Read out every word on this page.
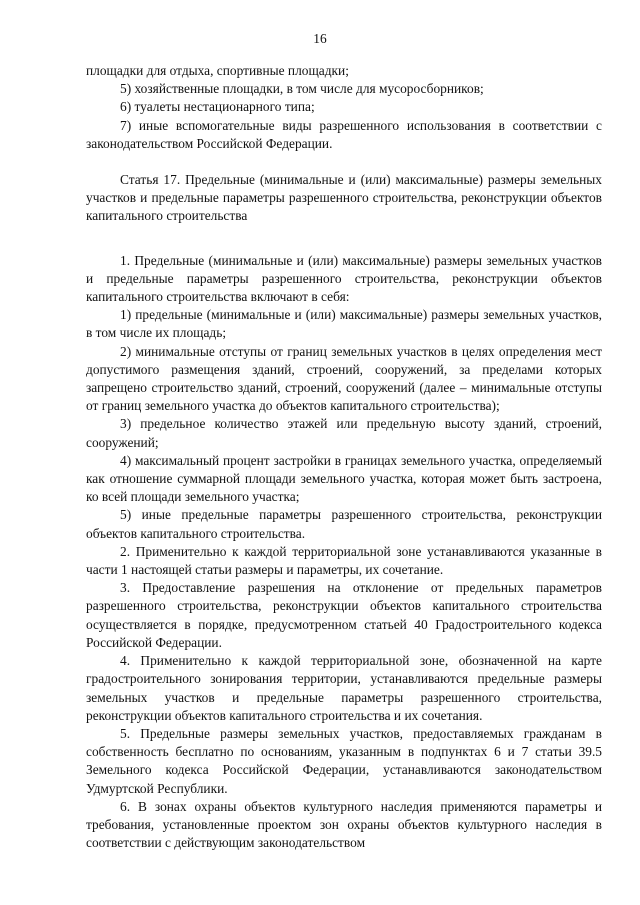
16

площадки для отдыха, спортивные площадки;

5) хозяйственные площадки, в том числе для мусоросборников;

6) туалеты нестационарного типа;

7) иные вспомогательные виды разрешенного использования в соответствии с законодательством Российской Федерации.

Статья 17. Предельные (минимальные и (или) максимальные) размеры земельных участков и предельные параметры разрешенного строительства, реконструкции объектов капитального строительства

1. Предельные (минимальные и (или) максимальные) размеры земельных участков и предельные параметры разрешенного строительства, реконструкции объектов капитального строительства включают в себя:

1) предельные (минимальные и (или) максимальные) размеры земельных участков, в том числе их площадь;

2) минимальные отступы от границ земельных участков в целях определения мест допустимого размещения зданий, строений, сооружений, за пределами которых запрещено строительство зданий, строений, сооружений (далее – минимальные отступы от границ земельного участка до объектов капитального строительства);

3) предельное количество этажей или предельную высоту зданий, строений, сооружений;

4) максимальный процент застройки в границах земельного участка, определяемый как отношение суммарной площади земельного участка, которая может быть застроена, ко всей площади земельного участка;

5) иные предельные параметры разрешенного строительства, реконструкции объектов капитального строительства.

2. Применительно к каждой территориальной зоне устанавливаются указанные в части 1 настоящей статьи размеры и параметры, их сочетание.

3. Предоставление разрешения на отклонение от предельных параметров разрешенного строительства, реконструкции объектов капитального строительства осуществляется в порядке, предусмотренном статьей 40 Градостроительного кодекса Российской Федерации.

4. Применительно к каждой территориальной зоне, обозначенной на карте градостроительного зонирования территории, устанавливаются предельные размеры земельных участков и предельные параметры разрешенного строительства, реконструкции объектов капитального строительства и их сочетания.

5. Предельные размеры земельных участков, предоставляемых гражданам в собственность бесплатно по основаниям, указанным в подпунктах 6 и 7 статьи 39.5 Земельного кодекса Российской Федерации, устанавливаются законодательством Удмуртской Республики.

6. В зонах охраны объектов культурного наследия применяются параметры и требования, установленные проектом зон охраны объектов культурного наследия в соответствии с действующим законодательством
